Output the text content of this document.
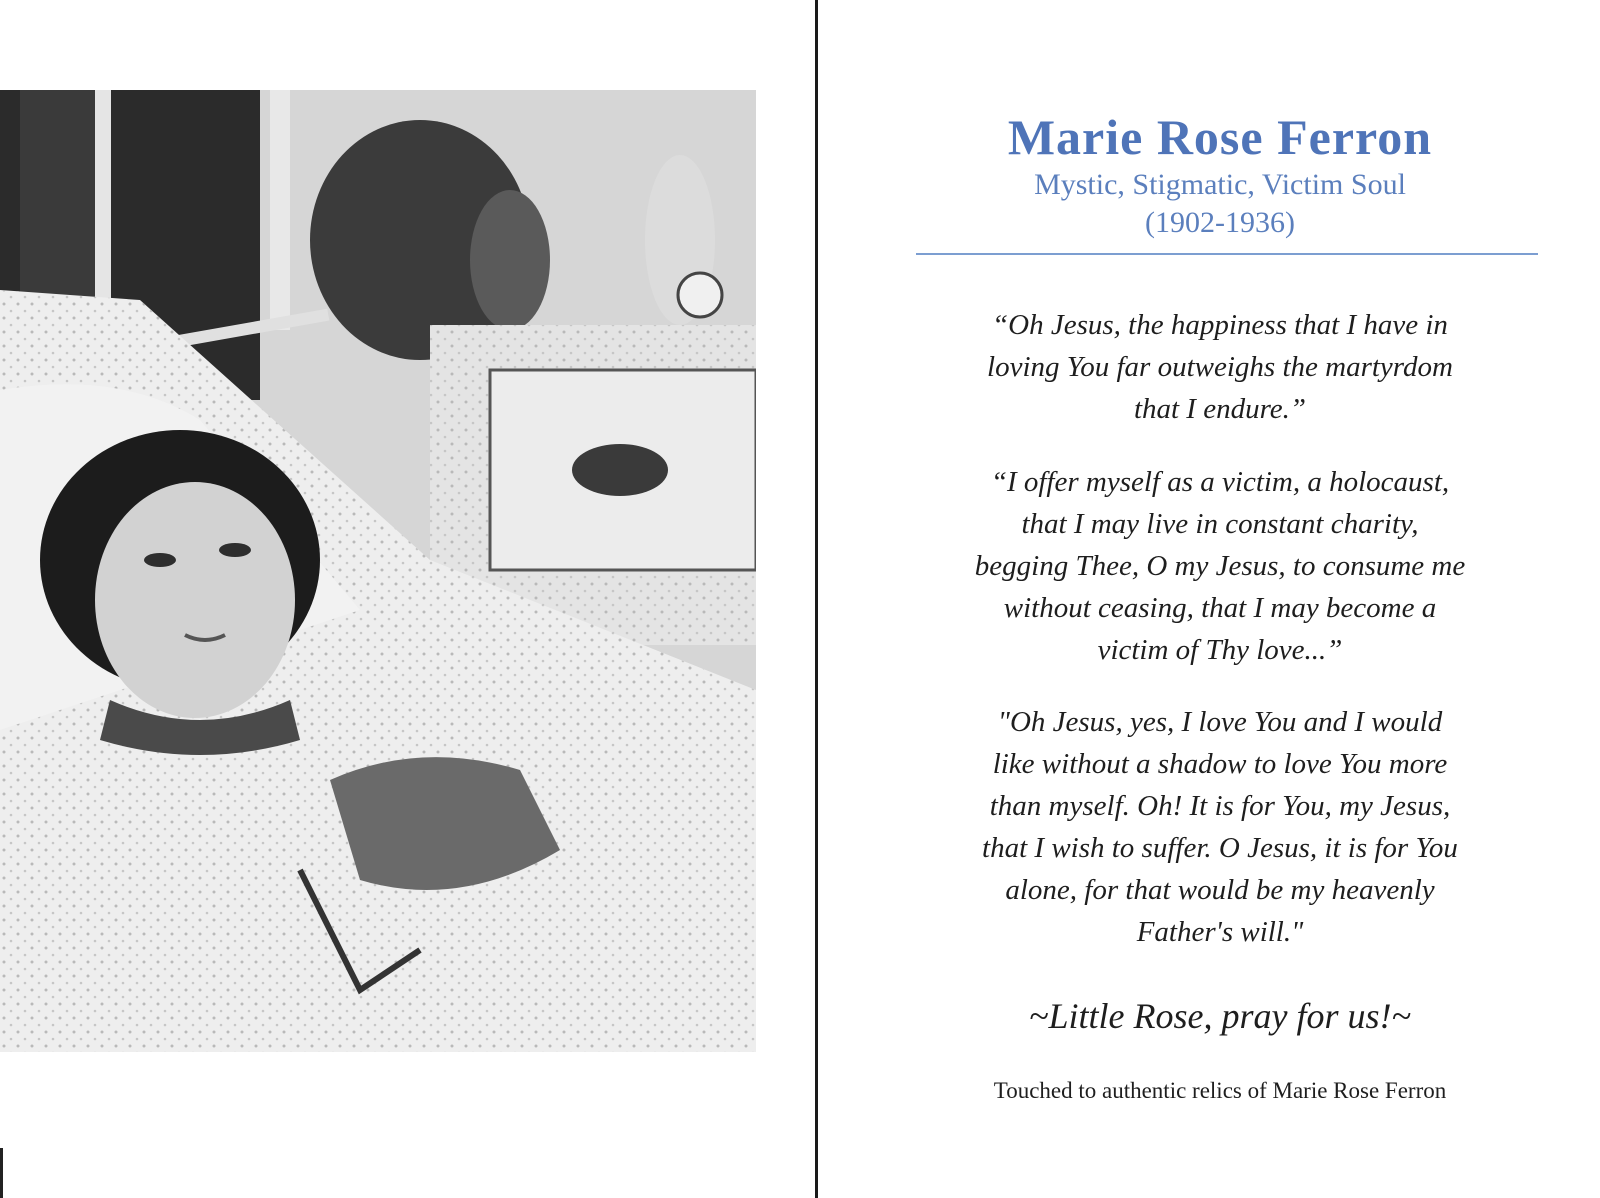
Marie Rose Ferron
Mystic, Stigmatic, Victim Soul
(1902-1936)
“Oh Jesus, the happiness that I have in
loving You far outweighs the martyrdom
that I endure.”
“I offer myself as a victim, a holocaust,
that I may live in constant charity,
begging Thee, O my Jesus, to consume me
without ceasing, that I may become a
victim of Thy love...”
"Oh Jesus, yes, I love You and I would
like without a shadow to love You more
than myself. Oh! It is for You, my Jesus,
that I wish to suffer. O Jesus, it is for You
alone, for that would be my heavenly
Father's will."
~Little Rose, pray for us!~
Touched to authentic relics of Marie Rose Ferron
